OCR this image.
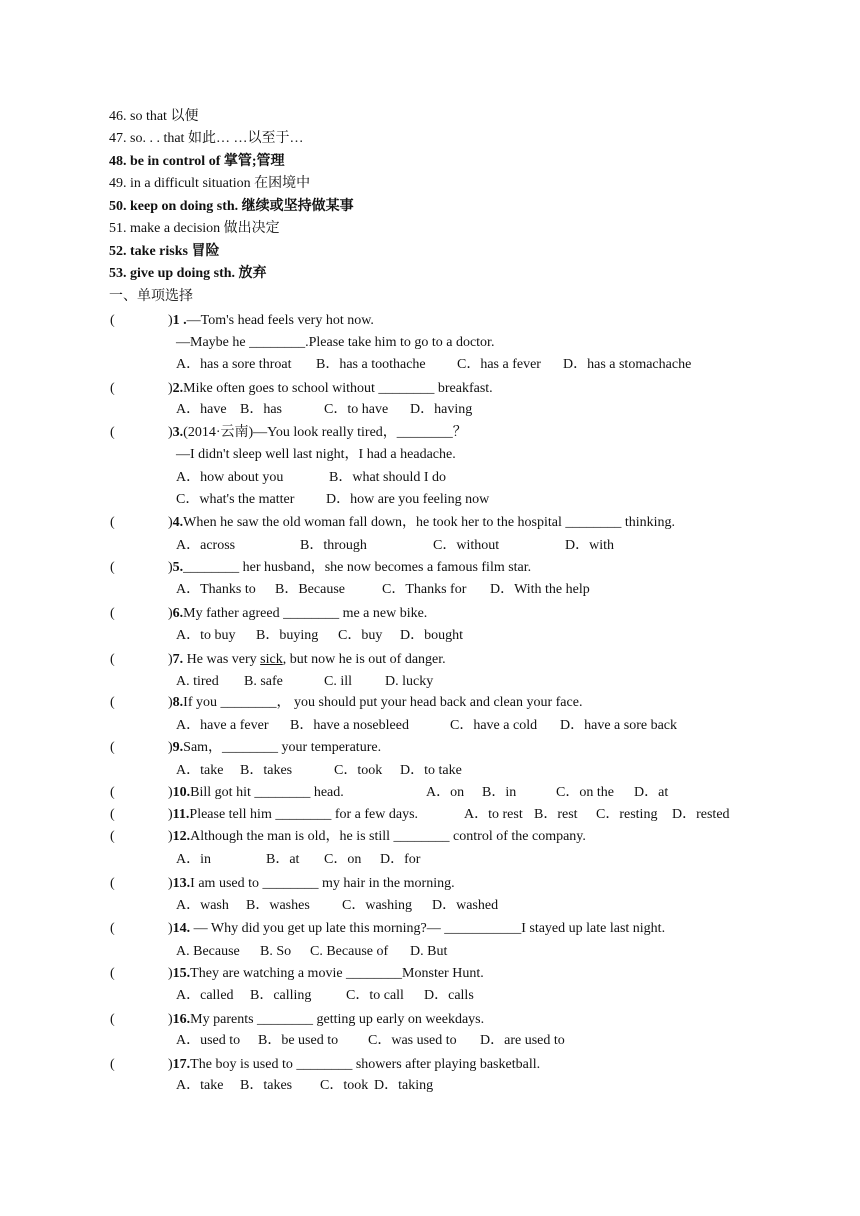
46. so that 以便
47. so. . . that 如此… …以至于…
48. be in control of 掌管;管理
49. in a difficult situation 在困境中
50. keep on doing sth. 继续或坚持做某事
51. make a decision 做出决定
52. take risks 冒险
53. give up doing sth. 放弃
一、单项选择
(	)1 .—Tom's head feels very hot now.
—Maybe he ________.Please take him to go to a doctor.
A．has a sore throat B．has a toothache C．has a fever D．has a stomachache
(	)2.Mike often goes to school without ________ breakfast.
A．have B．has	C．to have D．having
(	)3.(2014·云南)—You look really tired，________？
—I didn't sleep well last night，I had a headache.
A．how about you	B．what should I do
C．what's the matter D．how are you feeling now
(	)4.When he saw the old woman fall down，he took her to the hospital ________ thinking.
A．across	B．through	C．without	D．with
(	)5.________ her husband，she now becomes a famous film star.
A．Thanks to B．Because	C．Thanks for D．With the help
(	)6.My father agreed ________ me a new bike.
A．to buy B．buying C．buy D．bought
(	)7. He was very sick, but now he is out of danger.
A. tired B. safe	C. ill D. lucky
(	)8.If you ________， you should put your head back and clean your face.
A．have a fever B．have a nosebleed	C．have a cold D．have a sore back
(	)9.Sam，________ your temperature.
A．take B．takes	C．took D．to take
(	)10.Bill got hit ________ head.	A．on B．in	C．on the D．at
(	)11.Please tell him ________ for a few days.	A．to rest B．rest C．resting D．rested
(	)12.Although the man is old，he is still ________ control of the company.
A．in	B．at C．on D．for
(	)13.I am used to ________ my hair in the morning.
A．wash B．washes C．washing D．washed
(	)14. — Why did you get up late this morning?— ___________I stayed up late last night.
A. Because B. So C. Because of D. But
(	)15.They are watching a movie ________Monster Hunt.
A．called B．calling C．to call D．calls
(	)16.My parents ________ getting up early on weekdays.
A．used to B．be used to C．was used to D．are used to
(	)17.The boy is used to ________ showers after playing basketball.
A．take B．takes C．took D．taking
